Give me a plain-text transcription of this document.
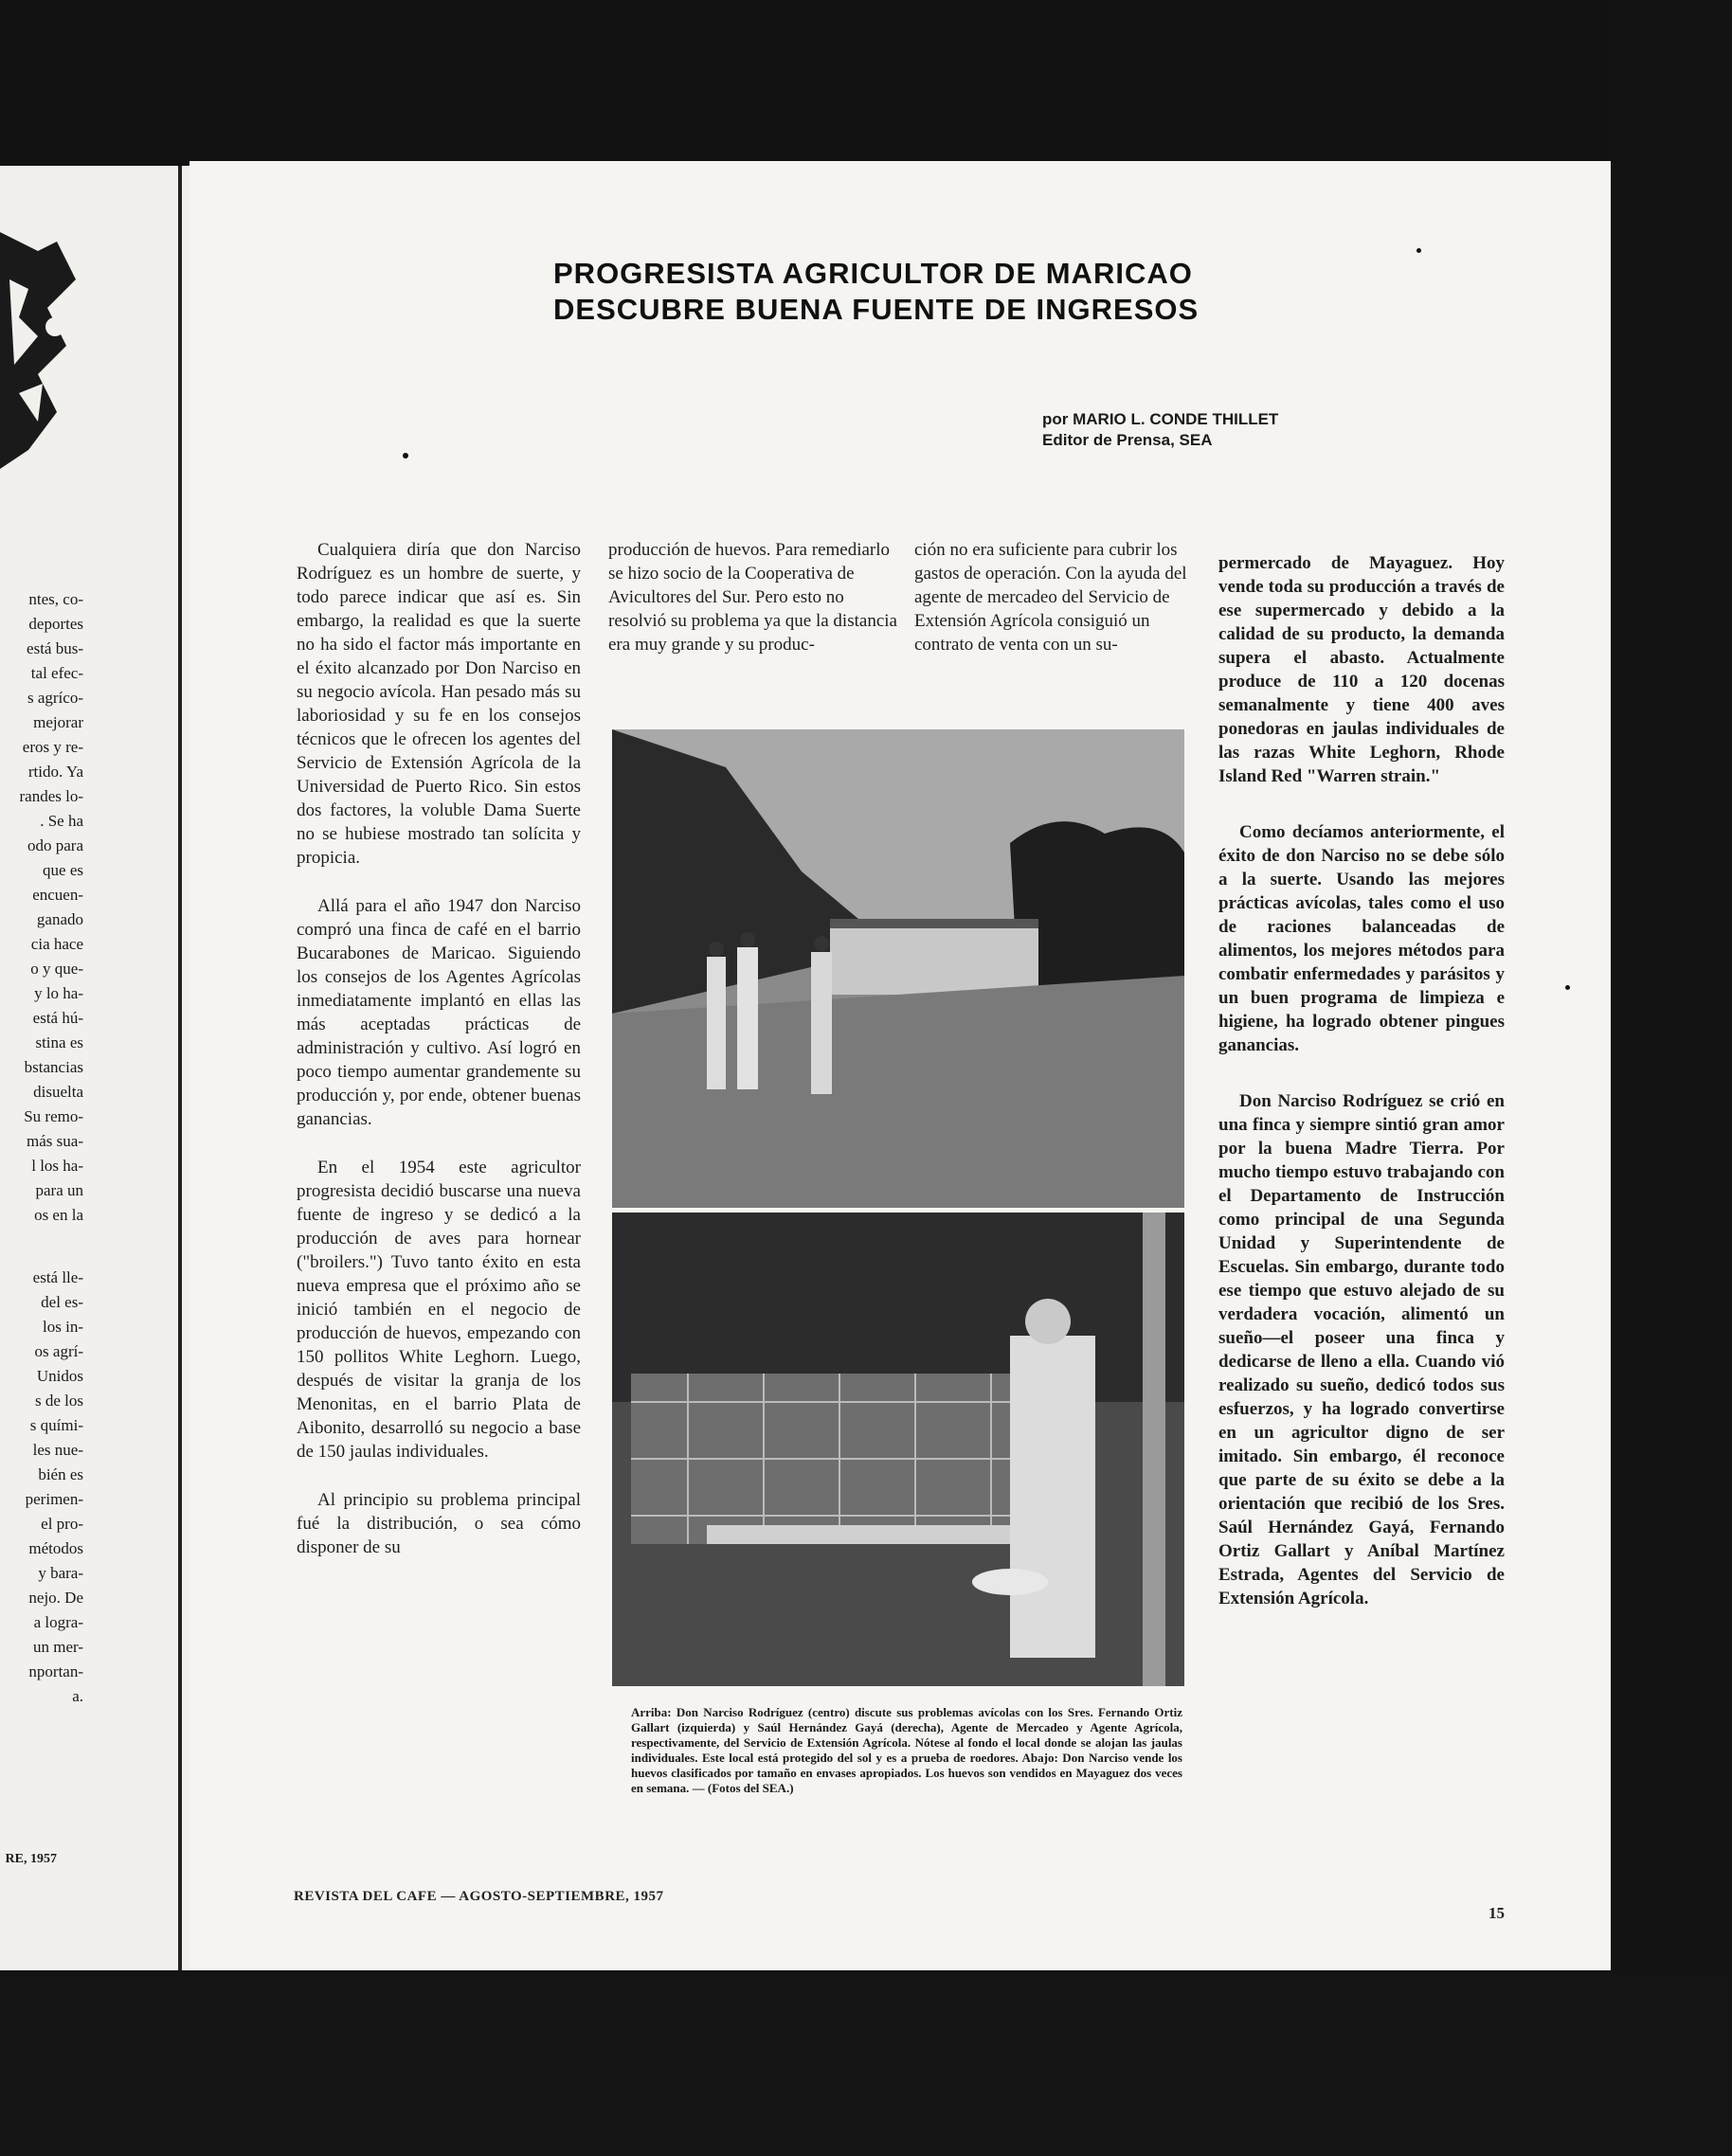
ntes, co-
deportes
está bus-
tal efec-
s agríco-
mejorar
eros y re-
rtido. Ya
randes lo-
. Se ha
odo para
que es
encuen-
ganado
cia hace
o y que-
y lo ha-
está hú-
stina es
bstancias
disuelta
Su remo-
más sua-
l los ha-
para un
os en la
está lle-
del es-
los in-
os agrí-
Unidos
s de los
s quími-
les nue-
bién es
perimen-
el pro-
métodos
y bara-
nejo. De
a logra-
un mer-
nportan-
a.
RE, 1957
PROGRESISTA AGRICULTOR DE MARICAO
DESCUBRE BUENA FUENTE DE INGRESOS
por MARIO L. CONDE THILLET
Editor de Prensa, SEA

Cualquiera diría que don Narciso Rodríguez es un hombre de suerte, y todo parece indicar que así es. Sin embargo, la realidad es que la suerte no ha sido el factor más importante en el éxito alcanzado por Don Narciso en su negocio avícola. Han pesado más su laboriosidad y su fe en los consejos técnicos que le ofrecen los agentes del Servicio de Extensión Agrícola de la Universidad de Puerto Rico. Sin estos dos factores, la voluble Dama Suerte no se hubiese mostrado tan solícita y propicia.

Allá para el año 1947 don Narciso compró una finca de café en el barrio Bucarabones de Maricao. Siguiendo los consejos de los Agentes Agrícolas inmediatamente implantó en ellas las más aceptadas prácticas de administración y cultivo. Así logró en poco tiempo aumentar grandemente su producción y, por ende, obtener buenas ganancias.

En el 1954 este agricultor progresista decidió buscarse una nueva fuente de ingreso y se dedicó a la producción de aves para hornear ("broilers.") Tuvo tanto éxito en esta nueva empresa que el próximo año se inició también en el negocio de producción de huevos, empezando con 150 pollitos White Leghorn. Luego, después de visitar la granja de los Menonitas, en el barrio Plata de Aibonito, desarrolló su negocio a base de 150 jaulas individuales.

Al principio su problema principal fué la distribución, o sea cómo disponer de su

producción de huevos. Para remediarlo se hizo socio de la Cooperativa de Avicultores del Sur. Pero esto no resolvió su problema ya que la distancia era muy grande y su produc-

ción no era suficiente para cubrir los gastos de operación. Con la ayuda del agente de mercadeo del Servicio de Extensión Agrícola consiguió un contrato de venta con un su-

permercado de Mayaguez. Hoy vende toda su producción a través de ese supermercado y debido a la calidad de su producto, la demanda supera el abasto. Actualmente produce de 110 a 120 docenas semanalmente y tiene 400 aves ponedoras en jaulas individuales de las razas White Leghorn, Rhode Island Red "Warren strain."

Como decíamos anteriormente, el éxito de don Narciso no se debe sólo a la suerte. Usando las mejores prácticas avícolas, tales como el uso de raciones balanceadas de alimentos, los mejores métodos para combatir enfermedades y parásitos y un buen programa de limpieza e higiene, ha logrado obtener pingues ganancias.

Don Narciso Rodríguez se crió en una finca y siempre sintió gran amor por la buena Madre Tierra. Por mucho tiempo estuvo trabajando con el Departamento de Instrucción como principal de una Segunda Unidad y Superintendente de Escuelas. Sin embargo, durante todo ese tiempo que estuvo alejado de su verdadera vocación, alimentó un sueño—el poseer una finca y dedicarse de lleno a ella. Cuando vió realizado su sueño, dedicó todos sus esfuerzos, y ha logrado convertirse en un agricultor digno de ser imitado. Sin embargo, él reconoce que parte de su éxito se debe a la orientación que recibió de los Sres. Saúl Hernández Gayá, Fernando Ortiz Gallart y Aníbal Martínez Estrada, Agentes del Servicio de Extensión Agrícola.

Arriba: Don Narciso Rodríguez (centro) discute sus problemas avícolas con los Sres. Fernando Ortiz Gallart (izquierda) y Saúl Hernández Gayá (derecha), Agente de Mercadeo y Agente Agrícola, respectivamente, del Servicio de Extensión Agrícola. Nótese al fondo el local donde se alojan las jaulas individuales. Este local está protegido del sol y es a prueba de roedores. Abajo: Don Narciso vende los huevos clasificados por tamaño en envases apropiados. Los huevos son vendidos en Mayaguez dos veces en semana. — (Fotos del SEA.)
REVISTA DEL CAFE — AGOSTO-SEPTIEMBRE, 1957
15
